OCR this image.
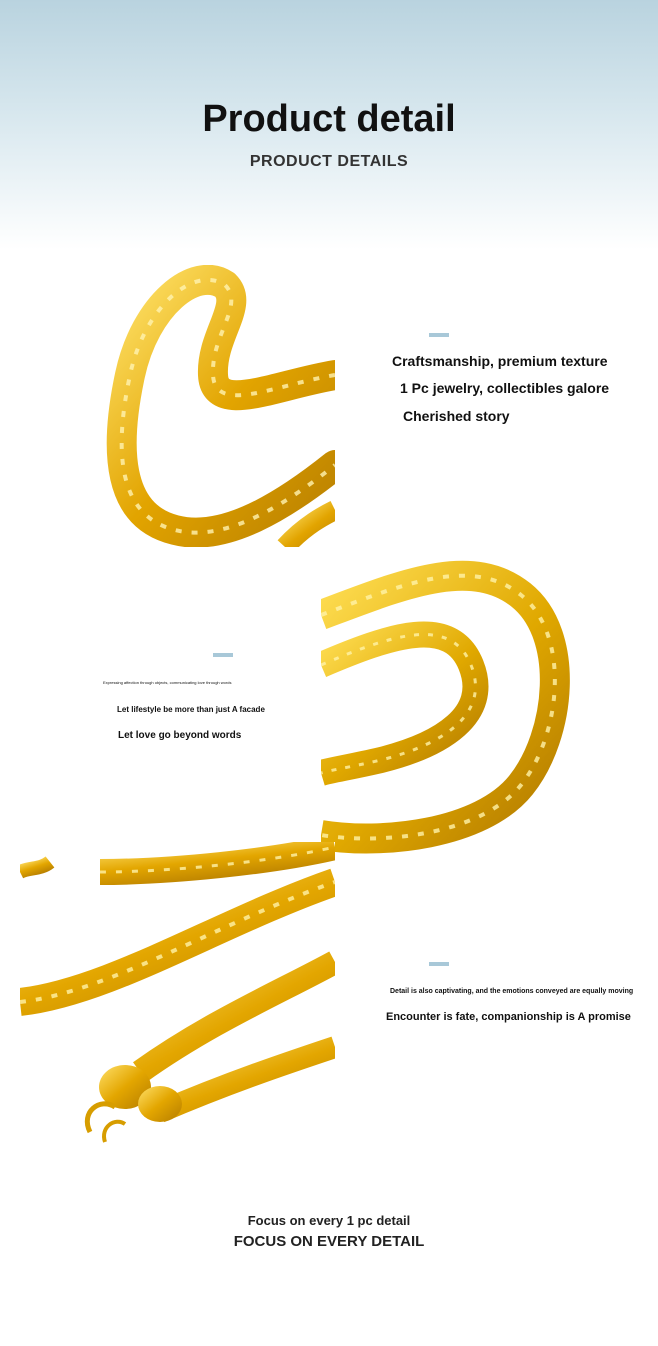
Product detail
PRODUCT DETAILS
Craftsmanship, premium texture
1 Pc jewelry, collectibles galore
Cherished story
Expressing affection through objects, communicating love through words
Let lifestyle be more than just A facade
Let love go beyond words
Detail is also captivating, and the emotions conveyed are equally moving
Encounter is fate, companionship is A promise
Focus on every 1 pc detail
FOCUS ON EVERY DETAIL
